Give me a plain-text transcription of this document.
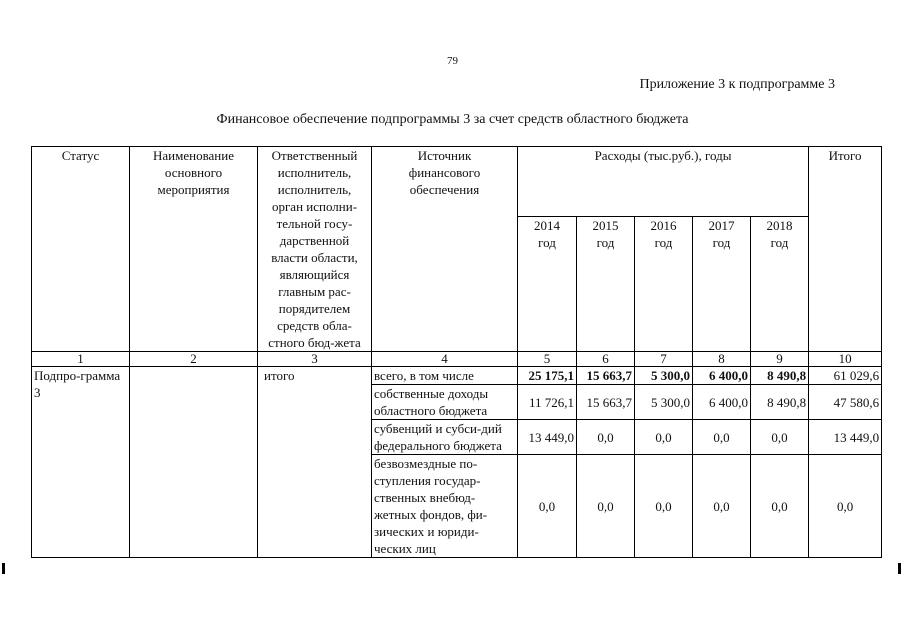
79
Приложение 3 к подпрограмме 3
Финансовое обеспечение подпрограммы 3 за счет средств областного бюджета
Статус	Наименование основного мероприятия	Ответственный исполнитель, исполнитель, орган исполни-тельной госу-дарственной власти области, являющийся главным рас-порядителем средств обла-стного бюд-жета	Источник финансового обеспечения	Расходы (тыс.руб.), годы					Итого
				2014 год	2015 год	2016 год	2017 год	2018 год	
1	2	3	4	5	6	7	8	9	10
Подпро-грамма 3		итого	всего, в том числе	25 175,1	15 663,7	5 300,0	6 400,0	8 490,8	61 029,6
			собственные доходы областного бюджета	11 726,1	15 663,7	5 300,0	6 400,0	8 490,8	47 580,6
			субвенций и субси-дий федерального бюджета	13 449,0	0,0	0,0	0,0	0,0	13 449,0
			безвозмездные по-ступления государ-ственных внебюд-жетных фондов, фи-зических и юриди-ческих лиц	0,0	0,0	0,0	0,0	0,0	0,0
